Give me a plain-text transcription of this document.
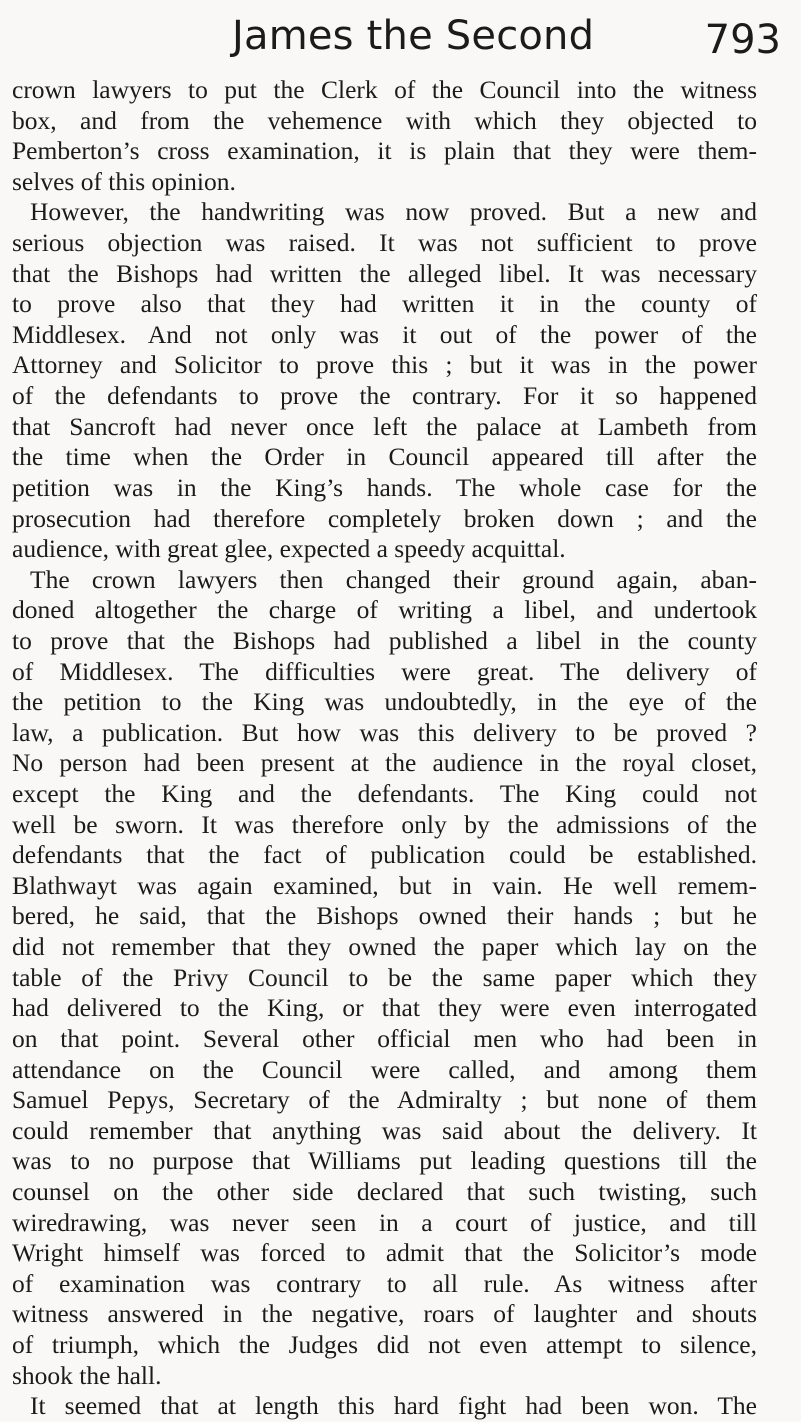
James the Second	793
crown lawyers to put the Clerk of the Council into the witness
box, and from the vehemence with which they objected to
Pemberton’s cross examination, it is plain that they were them-
selves of this opinion.
However, the handwriting was now proved. But a new and
serious objection was raised. It was not sufficient to prove
that the Bishops had written the alleged libel. It was necessary
to prove also that they had written it in the county of
Middlesex. And not only was it out of the power of the
Attorney and Solicitor to prove this ; but it was in the power
of the defendants to prove the contrary. For it so happened
that Sancroft had never once left the palace at Lambeth from
the time when the Order in Council appeared till after the
petition was in the King’s hands. The whole case for the
prosecution had therefore completely broken down ; and the
audience, with great glee, expected a speedy acquittal.
The crown lawyers then changed their ground again, aban-
doned altogether the charge of writing a libel, and undertook
to prove that the Bishops had published a libel in the county
of Middlesex. The difficulties were great. The delivery of
the petition to the King was undoubtedly, in the eye of the
law, a publication. But how was this delivery to be proved ?
No person had been present at the audience in the royal closet,
except the King and the defendants. The King could not
well be sworn. It was therefore only by the admissions of the
defendants that the fact of publication could be established.
Blathwayt was again examined, but in vain. He well remem-
bered, he said, that the Bishops owned their hands ; but he
did not remember that they owned the paper which lay on the
table of the Privy Council to be the same paper which they
had delivered to the King, or that they were even interrogated
on that point. Several other official men who had been in
attendance on the Council were called, and among them
Samuel Pepys, Secretary of the Admiralty ; but none of them
could remember that anything was said about the delivery. It
was to no purpose that Williams put leading questions till the
counsel on the other side declared that such twisting, such
wiredrawing, was never seen in a court of justice, and till
Wright himself was forced to admit that the Solicitor’s mode
of examination was contrary to all rule. As witness after
witness answered in the negative, roars of laughter and shouts
of triumph, which the Judges did not even attempt to silence,
shook the hall.
It seemed that at length this hard fight had been won. The
